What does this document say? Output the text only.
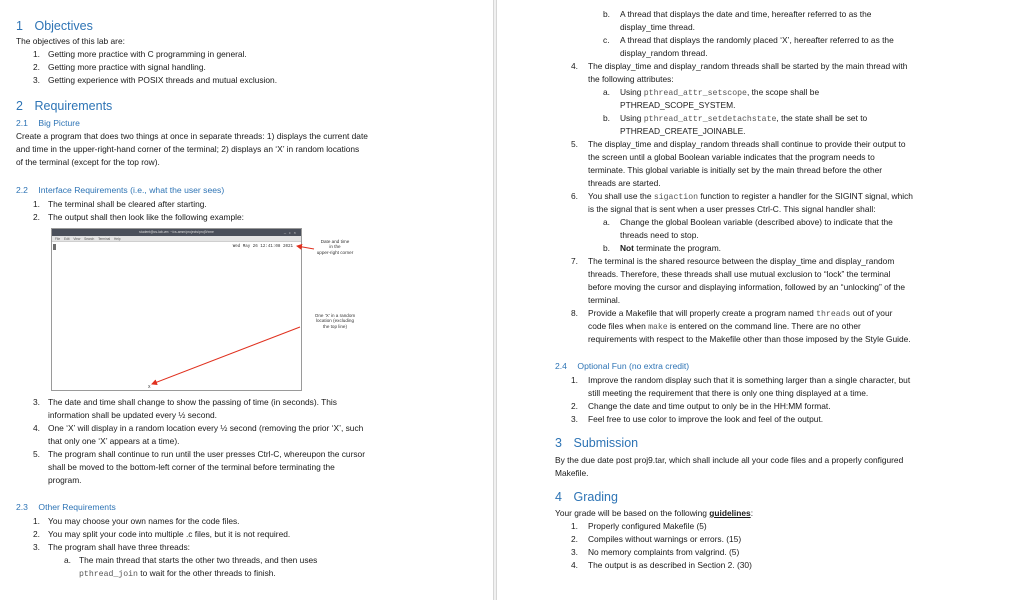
1 Objectives
The objectives of this lab are:
1. Getting more practice with C programming in general.
2. Getting more practice with signal handling.
3. Getting experience with POSIX threads and mutual exclusion.
2 Requirements
2.1 Big Picture
Create a program that does two things at once in separate threads: 1) displays the current date
and time in the upper-right-hand corner of the terminal; 2) displays an ‘X’ in random locations
of the terminal (except for the top row).
2.2 Interface Requirements (i.e., what the user sees)
1. The terminal shall be cleared after starting.
2. The output shall then look like the following example:
student@cs-lab-vm: ~/cs-amm/projects/proj9/xme	– • ×
File Edit View Search Terminal Help
Wed May 26 12:41:08 2021
X
Date and time
in the
upper-right corner
One ‘X’ in a random
location (excluding
the top line)
3. The date and time shall change to show the passing of time (in seconds). This
information shall be updated every ½ second.
4. One ‘X’ will display in a random location every ½ second (removing the prior ‘X’, such
that only one ‘X’ appears at a time).
5. The program shall continue to run until the user presses Ctrl-C, whereupon the cursor
shall be moved to the bottom-left corner of the terminal before terminating the
program.
2.3 Other Requirements
1. You may choose your own names for the code files.
2. You may split your code into multiple .c files, but it is not required.
3. The program shall have three threads:
a. The main thread that starts the other two threads, and then uses
pthread_join to wait for the other threads to finish.
b. A thread that displays the date and time, hereafter referred to as the
display_time thread.
c. A thread that displays the randomly placed ‘X’, hereafter referred to as the
display_random thread.
4. The display_time and display_random threads shall be started by the main thread with
the following attributes:
a. Using pthread_attr_setscope, the scope shall be
PTHREAD_SCOPE_SYSTEM.
b. Using pthread_attr_setdetachstate, the state shall be set to
PTHREAD_CREATE_JOINABLE.
5. The display_time and display_random threads shall continue to provide their output to
the screen until a global Boolean variable indicates that the program needs to
terminate. This global variable is initially set by the main thread before the other
threads are started.
6. You shall use the sigaction function to register a handler for the SIGINT signal, which
is the signal that is sent when a user presses Ctrl-C. This signal handler shall:
a. Change the global Boolean variable (described above) to indicate that the
threads need to stop.
b. Not terminate the program.
7. The terminal is the shared resource between the display_time and display_random
threads. Therefore, these threads shall use mutual exclusion to “lock” the terminal
before moving the cursor and displaying information, followed by an “unlocking” of the
terminal.
8. Provide a Makefile that will properly create a program named threads out of your
code files when make is entered on the command line. There are no other
requirements with respect to the Makefile other than those imposed by the Style Guide.
2.4 Optional Fun (no extra credit)
1. Improve the random display such that it is something larger than a single character, but
still meeting the requirement that there is only one thing displayed at a time.
2. Change the date and time output to only be in the HH:MM format.
3. Feel free to use color to improve the look and feel of the output.
3 Submission
By the due date post proj9.tar, which shall include all your code files and a properly configured
Makefile.
4 Grading
Your grade will be based on the following guidelines:
1. Properly configured Makefile (5)
2. Compiles without warnings or errors. (15)
3. No memory complaints from valgrind. (5)
4. The output is as described in Section 2. (30)
